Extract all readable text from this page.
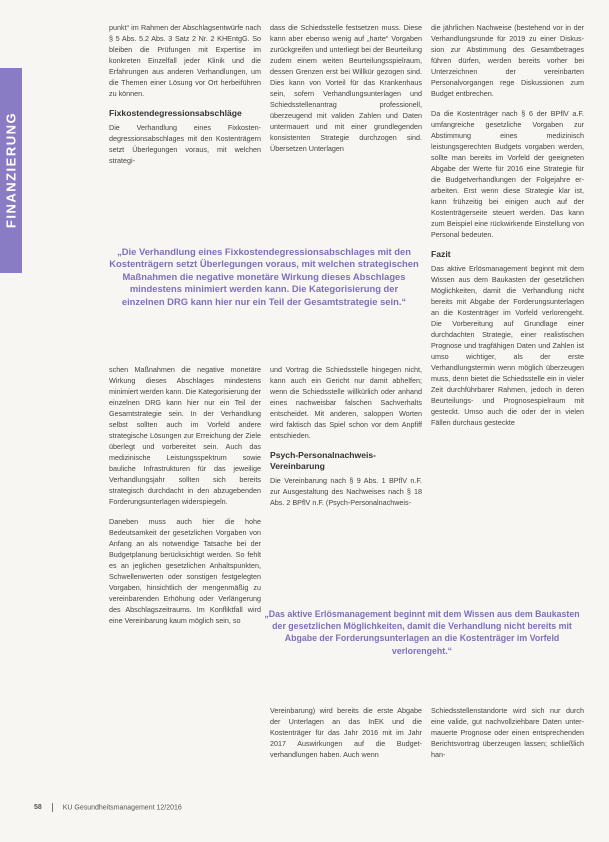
FINANZIERUNG

punkt“ im Rahmen der Abschlagsentwürfe nach § 5 Abs. 5.2 Abs. 3 Satz 2 Nr. 2 KHEntgG. So bleiben die Prüfungen mit Expertise im konkreten Einzelfall jeder Klinik und die Erfahrungen aus anderen Verhandlungen, um die Themen einer Lösung vor Ort herbeiführen zu können.

Fixkostendegressionsabschläge

Die Verhandlung eines Fixkostendegressionsabschlages mit den Kostenträgern setzt Überlegungen voraus, mit welchen strategi-

dass die Schiedsstelle festsetzen muss. Diese kann aber ebenso wenig auf „harte“ Vorgaben zurückgreifen und unterliegt bei der Beurteilung zudem einem weiten Beurteilungsspielraum, dessen Grenzen erst bei Willkür gezogen sind. Dies kann von Vorteil für das Krankenhaus sein, sofern Verhandlungsunterlagen und Schiedsstellenantrag professionell, überzeugend mit validen Zahlen und Daten untermauert und mit einer grundlegenden konsistenten Strategie durchzogen sind. Übersetzen Unterlagen

die jährlichen Nachweise (bestehend vor in der Verhandlungsrunde für 2019 zu einer Diskussion zur Abstimmung des Gesamtbetrages führen dürfen, werden bereits vorher bei Unterzeichnen der vereinbarten Personalvorgangen rege Diskussionen zum Budget entbrechen.

Da die Kostenträger nach § 6 der BPflV a.F. umfangreiche gesetzliche Vorgaben zur Abstimmung eines medizinisch leistungsgerechten Budgets vorgaben werden, sollte man bereits im Vorfeld der geeigneten Abgabe der Werte für 2016 eine Strategie für die Budgetverhandlungen der Folgejahre erarbeiten. Erst wenn diese Strategie klar ist, kann frühzeitig bei einigen auch auf der Kostenträgerseite steuert werden. Das kann zum Beispiel eine rückwirkende Einstellung von Personal bedeuten.

Fazit

Das aktive Erlösmanagement beginnt mit dem Wissen aus dem Baukasten der gesetzlichen Möglichkeiten, damit die Verhandlung nicht bereits mit Abgabe der Forderungsunterlagen an die Kostenträger im Vorfeld verlorengeht. Die Vorbereitung auf Grundlage einer durchdachten Strategie, einer realistischen Prognose und tragfähigen Daten und Zahlen ist umso wichtiger, als der erste Verhandlungstermin wenn möglich überzeugen muss, denn bietet die Schiedsstelle ein in vieler Zeit durchführbarer Rahmen, jedoch in deren Beurteilungs- und Prognosespielraum mit gesteckt. Umso auch die oder der in vielen Fällen durchaus gesteckte

„Die Verhandlung eines Fixkostendegressionsabschlages mit den Kostenträgern setzt Überlegungen voraus, mit welchen strategischen Maßnahmen die negative monetäre Wirkung dieses Abschlages mindestens minimiert werden kann. Die Kategorisierung der einzelnen DRG kann hier nur ein Teil der Gesamtstrategie sein.“

schen Maßnahmen die negative monetäre Wirkung dieses Abschlages mindestens minimiert werden kann. Die Kategorisierung der einzelnen DRG kann hier nur ein Teil der Gesamtstrategie sein. In der Verhandlung selbst sollten auch im Vorfeld andere strategische Lösungen zur Erreichung der Ziele überlegt und vorbereitet sein. Auch das medizinische Leistungsspektrum sowie bauliche Infrastrukturen für das jeweilige Verhandlungsjahr sollten sich bereits strategisch durchdacht in den abzugebenden Forderungsunterlagen widerspiegeln.

Daneben muss auch hier die hohe Bedeutsamkeit der gesetzlichen Vorgaben von Anfang an als notwendige Tatsache bei der Budgetplanung berücksichtigt werden. So fehlt es an jeglichen gesetzlichen Anhaltspunkten, Schwellenwerten oder sonstigen festgelegten Vorgaben, hinsichtlich der mengenmäßig zu vereinbarenden Erhöhung oder Verlängerung des Abschlagszeitraums. Im Konfliktfall wird eine Vereinbarung kaum möglich sein, so

und Vortrag die Schiedsstelle hingegen nicht, kann auch ein Gericht nur damit abhelfen; wenn die Schiedsstelle willkürlich oder anhand eines nachweisbar falschen Sachverhalts entscheidet. Mit anderen, saloppen Worten wird faktisch das Spiel schon vor dem Anpfiff entschieden.

Psych-Personalnachweis-Vereinbarung

Die Vereinbarung nach § 9 Abs. 1 BPflV n.F. zur Ausgestaltung des Nachweises nach § 18 Abs. 2 BPflV n.F. (Psych-Personalnachweis-

„Das aktive Erlösmanagement beginnt mit dem Wissen aus dem Baukasten der gesetzlichen Möglichkeiten, damit die Verhandlung nicht bereits mit Abgabe der Forderungsunterlagen an die Kostenträger im Vorfeld verlorengeht.“

Vereinbarung) wird bereits die erste Abgabe der Unterlagen an das InEK und die Kostenträger für das Jahr 2016 mit im Jahr 2017 Auswirkungen auf die Budgetverhandlungen haben. Auch wenn

Schiedsstellenstandorte wird sich nur durch eine valide, gut nachvollziehbare Daten untermauerte Prognose oder einen entsprechenden Berichtsvortrag überzeugen lassen; schließlich han-

58	KU Gesundheitsmanagement 12/2016
